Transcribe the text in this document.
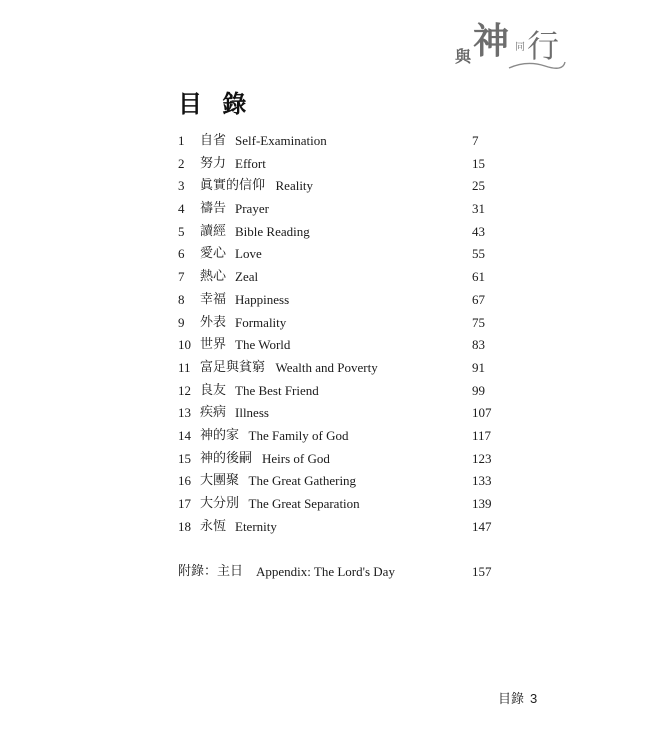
與 神 同 行
目 錄
1	自省 Self-Examination	7
2	努力 Effort	15
3	眞實的信仰 Reality	25
4	禱告 Prayer	31
5	讀經 Bible Reading	43
6	愛心 Love	55
7	熱心 Zeal	61
8	幸福 Happiness	67
9	外表 Formality	75
10 世界 The World	83
11 富足與貧窮 Wealth and Poverty	91
12 良友 The Best Friend	99
13 疾病 Illness	107
14 神的家 The Family of God	117
15 神的後嗣 Heirs of God	123
16 大團聚 The Great Gathering	133
17 大分別 The Great Separation	139
18 永恆 Eternity	147
附錄：主日 Appendix: The Lord's Day	157
目錄 3
